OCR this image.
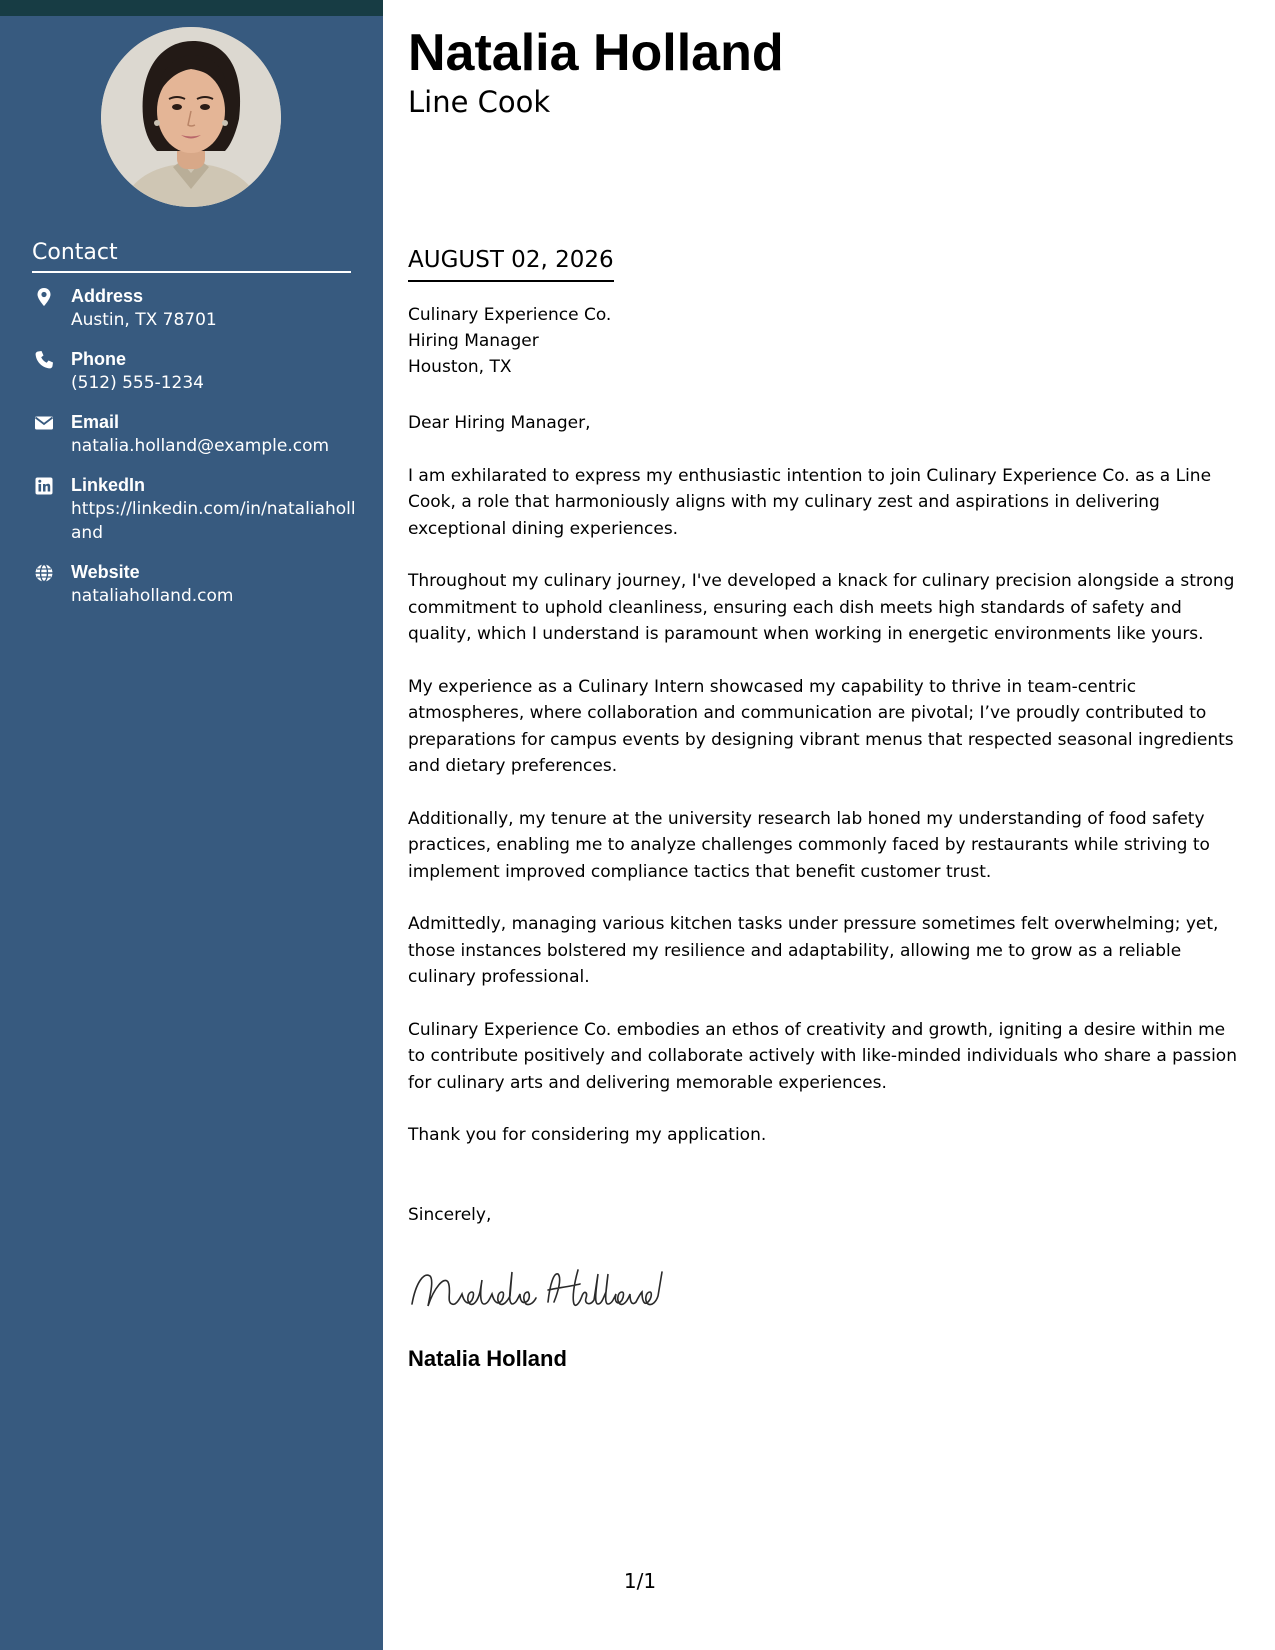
Contact
Address
Austin, TX 78701
Phone
(512) 555-1234
Email
natalia.holland@example.com
LinkedIn
https://linkedin.com/in/nataliaholland
Website
nataliaholland.com
Natalia Holland
Line Cook
AUGUST 02, 2026
Culinary Experience Co.
Hiring Manager
Houston, TX

Dear Hiring Manager,

I am exhilarated to express my enthusiastic intention to join Culinary Experience Co. as a Line Cook, a role that harmoniously aligns with my culinary zest and aspirations in delivering exceptional dining experiences.

Throughout my culinary journey, I've developed a knack for culinary precision alongside a strong commitment to uphold cleanliness, ensuring each dish meets high standards of safety and quality, which I understand is paramount when working in energetic environments like yours.

My experience as a Culinary Intern showcased my capability to thrive in team-centric atmospheres, where collaboration and communication are pivotal; I’ve proudly contributed to preparations for campus events by designing vibrant menus that respected seasonal ingredients and dietary preferences.

Additionally, my tenure at the university research lab honed my understanding of food safety practices, enabling me to analyze challenges commonly faced by restaurants while striving to implement improved compliance tactics that benefit customer trust.

Admittedly, managing various kitchen tasks under pressure sometimes felt overwhelming; yet, those instances bolstered my resilience and adaptability, allowing me to grow as a reliable culinary professional.

Culinary Experience Co. embodies an ethos of creativity and growth, igniting a desire within me to contribute positively and collaborate actively with like-minded individuals who share a passion for culinary arts and delivering memorable experiences.

Thank you for considering my application.

Sincerely,
Natalia Holland
1/1
